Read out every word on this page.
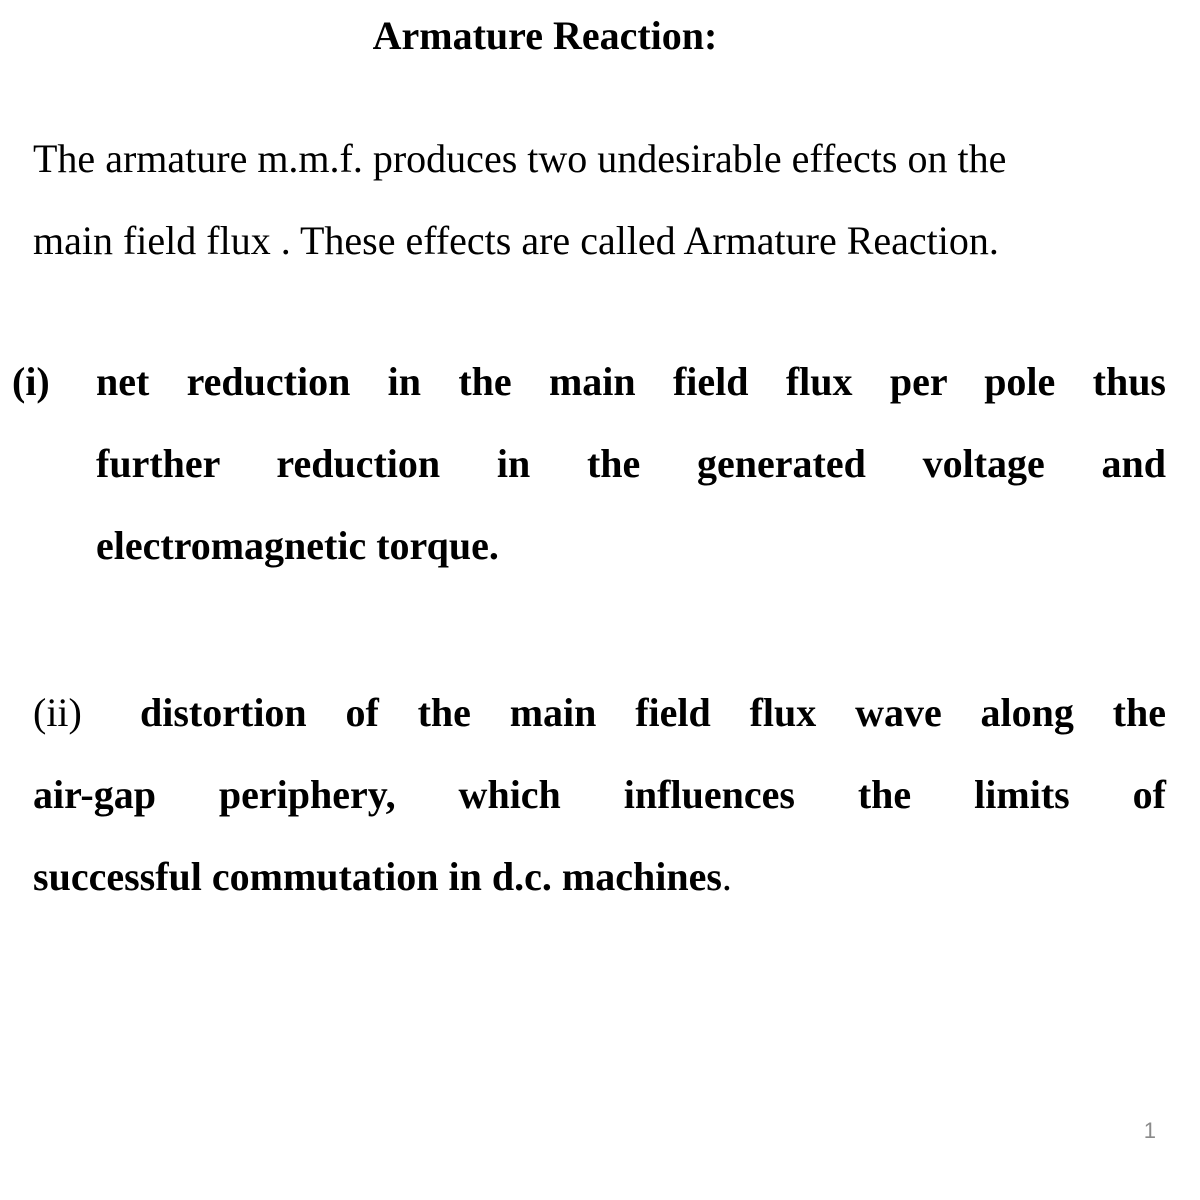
Armature Reaction:
The armature m.m.f. produces two undesirable effects on the
main field flux . These effects are called Armature Reaction.
(i) net reduction in the main field flux per pole thus
further reduction in the generated voltage and
electromagnetic torque.
(ii)	distortion of the main field flux wave along the
air-gap periphery, which influences the limits of
successful commutation in d.c. machines.
1
